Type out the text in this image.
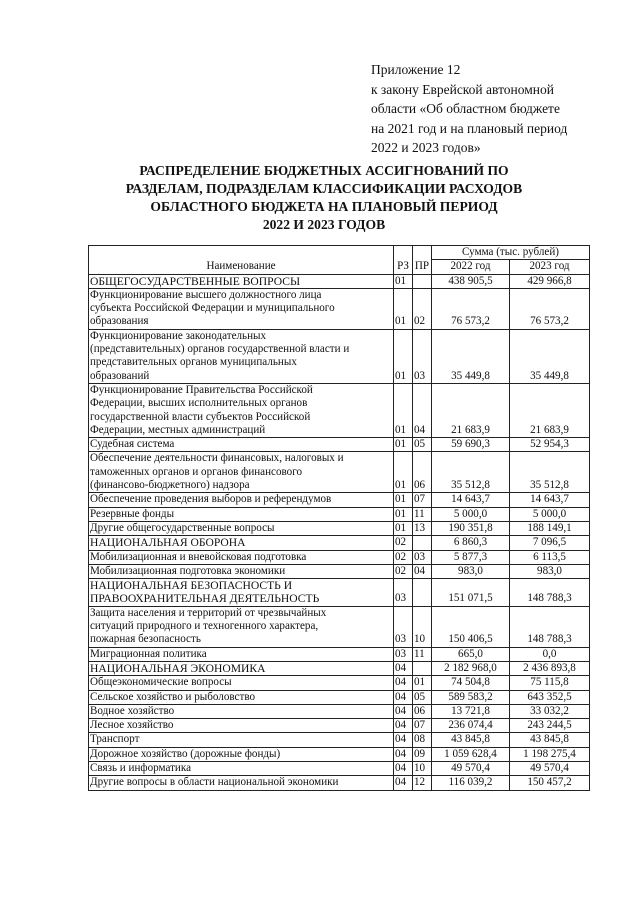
Приложение 12
к закону Еврейской автономной
области «Об областном бюджете
на 2021 год и на плановый период
2022 и 2023 годов»
РАСПРЕДЕЛЕНИЕ БЮДЖЕТНЫХ АССИГНОВАНИЙ ПО
РАЗДЕЛАМ, ПОДРАЗДЕЛАМ КЛАССИФИКАЦИИ РАСХОДОВ
ОБЛАСТНОГО БЮДЖЕТА НА ПЛАНОВЫЙ ПЕРИОД
2022 И 2023 ГОДОВ
Наименование	РЗ	ПР	Сумма (тыс. рублей)	
			2022 год	2023 год

ОБЩЕГОСУДАРСТВЕННЫЕ ВОПРОСЫ	01		438 905,5	429 966,8

Функционирование высшего должностного лица
субъекта Российской Федерации и муниципального
образования	01	02	76 573,2	76 573,2

Функционирование законодательных
(представительных) органов государственной власти и
представительных органов муниципальных
образований	01	03	35 449,8	35 449,8

Функционирование Правительства Российской
Федерации, высших исполнительных органов
государственной власти субъектов Российской
Федерации, местных администраций	01	04	21 683,9	21 683,9

Судебная система	01	05	59 690,3	52 954,3

Обеспечение деятельности финансовых, налоговых и
таможенных органов и органов финансового
(финансово-бюджетного) надзора	01	06	35 512,8	35 512,8

Обеспечение проведения выборов и референдумов	01	07	14 643,7	14 643,7

Резервные фонды	01	11	5 000,0	5 000,0

Другие общегосударственные вопросы	01	13	190 351,8	188 149,1

НАЦИОНАЛЬНАЯ ОБОРОНА	02		6 860,3	7 096,5

Мобилизационная и вневойсковая подготовка	02	03	5 877,3	6 113,5

Мобилизационная подготовка экономики	02	04	983,0	983,0

НАЦИОНАЛЬНАЯ БЕЗОПАСНОСТЬ И
ПРАВООХРАНИТЕЛЬНАЯ ДЕЯТЕЛЬНОСТЬ	03		151 071,5	148 788,3

Защита населения и территорий от чрезвычайных
ситуаций природного и техногенного характера,
пожарная безопасность	03	10	150 406,5	148 788,3

Миграционная политика	03	11	665,0	0,0

НАЦИОНАЛЬНАЯ ЭКОНОМИКА	04		2 182 968,0	2 436 893,8

Общеэкономические вопросы	04	01	74 504,8	75 115,8

Сельское хозяйство и рыболовство	04	05	589 583,2	643 352,5

Водное хозяйство	04	06	13 721,8	33 032,2

Лесное хозяйство	04	07	236 074,4	243 244,5

Транспорт	04	08	43 845,8	43 845,8

Дорожное хозяйство (дорожные фонды)	04	09	1 059 628,4	1 198 275,4

Связь и информатика	04	10	49 570,4	49 570,4

Другие вопросы в области национальной экономики	04	12	116 039,2	150 457,2
